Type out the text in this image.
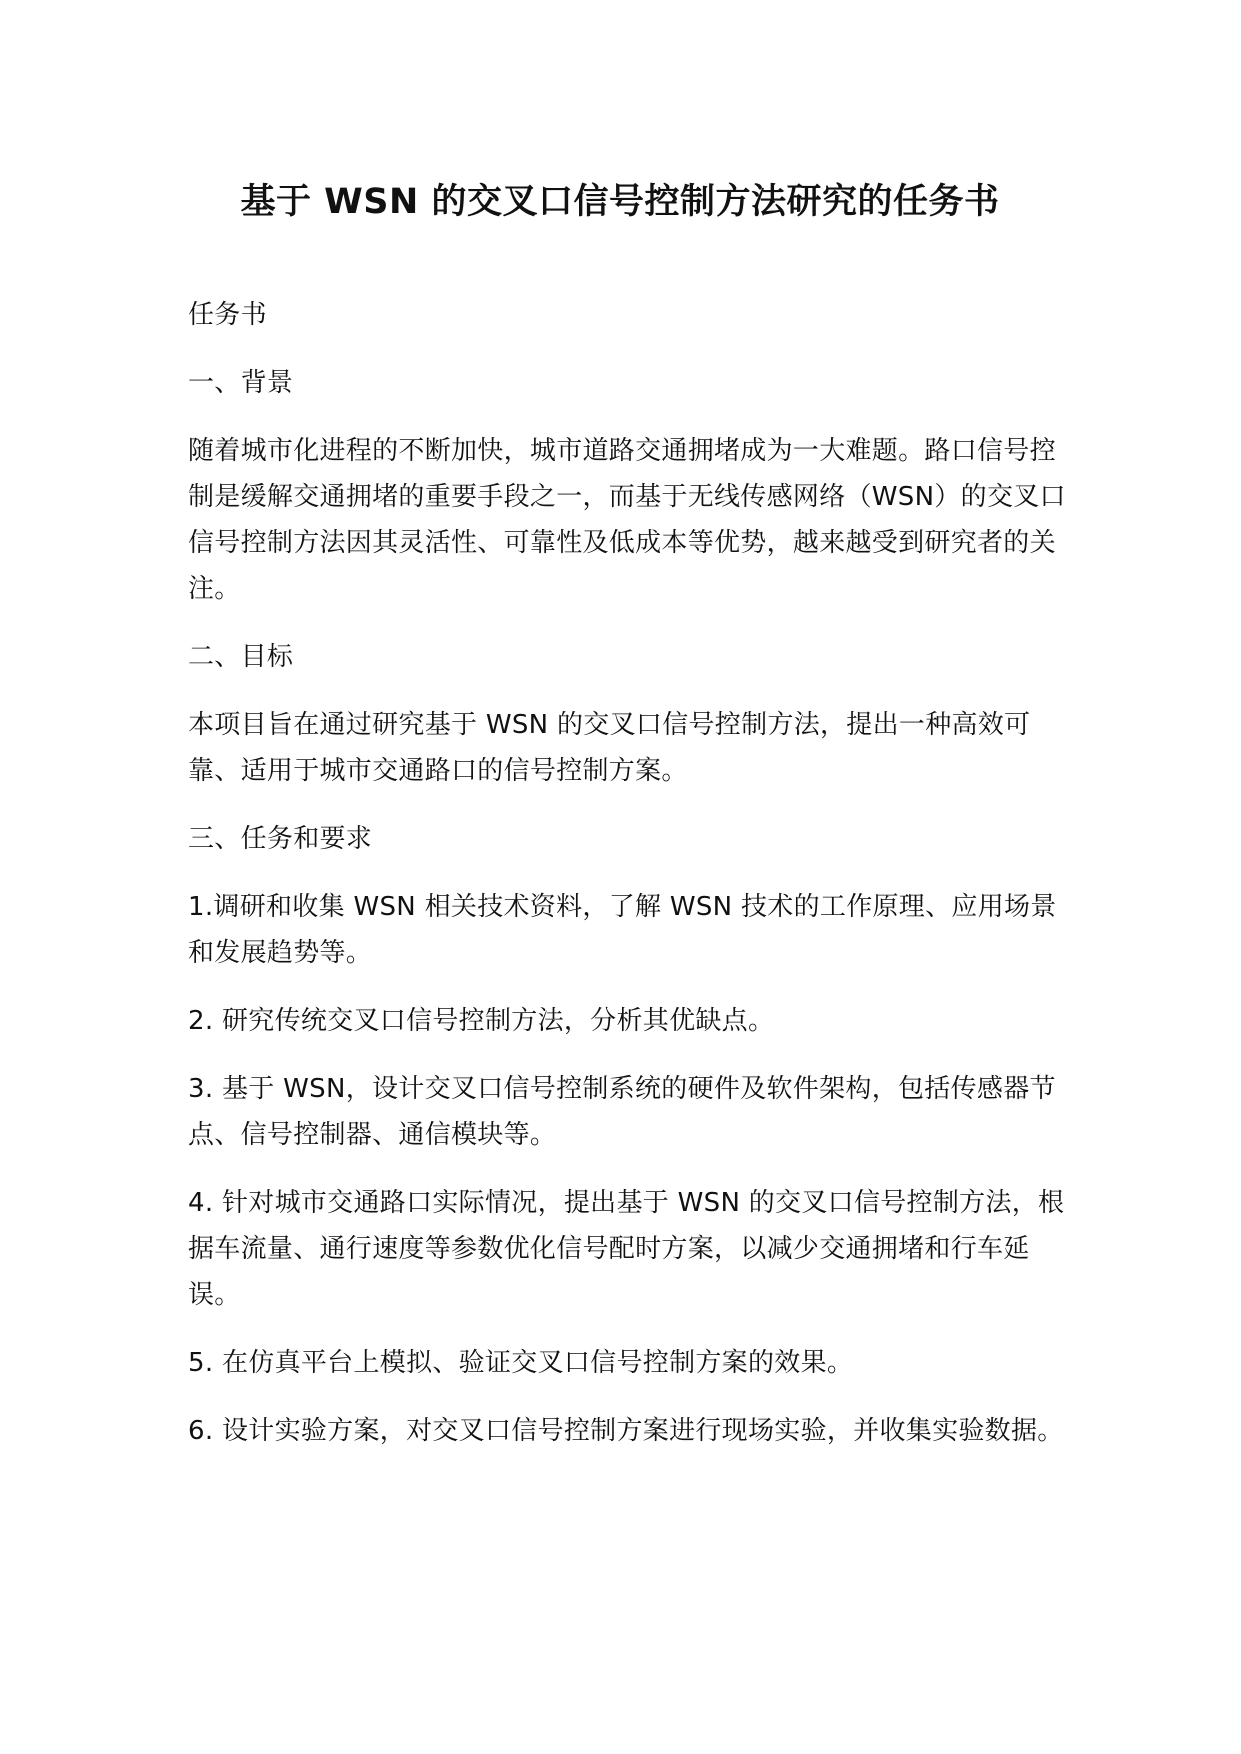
基于 WSN 的交叉口信号控制方法研究的任务书

任务书

一、背景

随着城市化进程的不断加快，城市道路交通拥堵成为一大难题。路口信号控制是缓解交通拥堵的重要手段之一，而基于无线传感网络（WSN）的交叉口信号控制方法因其灵活性、可靠性及低成本等优势，越来越受到研究者的关注。

二、目标

本项目旨在通过研究基于 WSN 的交叉口信号控制方法，提出一种高效可靠、适用于城市交通路口的信号控制方案。

三、任务和要求

1.调研和收集 WSN 相关技术资料，了解 WSN 技术的工作原理、应用场景和发展趋势等。

2. 研究传统交叉口信号控制方法，分析其优缺点。

3. 基于 WSN，设计交叉口信号控制系统的硬件及软件架构，包括传感器节点、信号控制器、通信模块等。

4. 针对城市交通路口实际情况，提出基于 WSN 的交叉口信号控制方法，根据车流量、通行速度等参数优化信号配时方案，以减少交通拥堵和行车延误。

5. 在仿真平台上模拟、验证交叉口信号控制方案的效果。

6. 设计实验方案，对交叉口信号控制方案进行现场实验，并收集实验数据。
